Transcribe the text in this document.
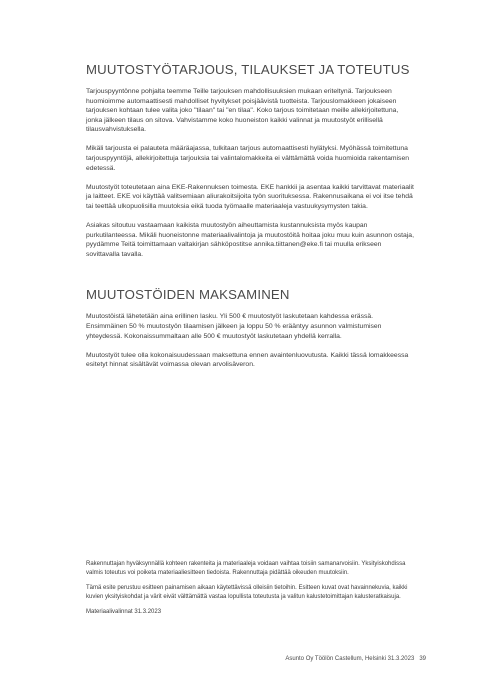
MUUTOSTYÖTARJOUS, TILAUKSET JA TOTEUTUS

Tarjouspyyntönne pohjalta teemme Teille tarjouksen mahdollisuuksien mukaan eriteltynä. Tarjoukseen huomioimme automaattisesti mahdolliset hyvitykset poisjäävistä tuotteista. Tarjouslomakkeen jokaiseen tarjouksen kohtaan tulee valita joko "tilaan" tai "en tilaa". Koko tarjous toimitetaan meille allekirjoitettuna, jonka jälkeen tilaus on sitova. Vahvistamme koko huoneiston kaikki valinnat ja muutostyöt erillisellä tilausvahvistuksella.

Mikäli tarjousta ei palauteta määräajassa, tulkitaan tarjous automaattisesti hylätyksi. Myöhässä toimitettuna tarjouspyyntöjä, allekirjoitettuja tarjouksia tai valintalomakkeita ei välttämättä voida huomioida rakentamisen edetessä.

Muutostyöt toteutetaan aina EKE-Rakennuksen toimesta. EKE hankkii ja asentaa kaikki tarvittavat materiaalit ja laitteet. EKE voi käyttää valitsemiaan aliurakoitsijoita työn suorituksessa. Rakennusaikana ei voi itse tehdä tai teettää ulkopuolisilla muutoksia eikä tuoda työmaalle materiaaleja vastuukysymysten takia.

Asiakas sitoutuu vastaamaan kaikista muutostyön aiheuttamista kustannuksista myös kaupan purkutilanteessa. Mikäli huoneistonne materiaalivalintoja ja muutostöitä hoitaa joku muu kuin asunnon ostaja, pyydämme Teitä toimittamaan valtakirjan sähköpostitse annika.tiittanen@eke.fi tai muulla erikseen sovittavalla tavalla.

MUUTOSTÖIDEN MAKSAMINEN

Muutostöistä lähetetään aina erillinen lasku. Yli 500 € muutostyöt laskutetaan kahdessa erässä. Ensimmäinen 50 % muutostyön tilaamisen jälkeen ja loppu 50 % erääntyy asunnon valmistumisen yhteydessä. Kokonaissummaltaan alle 500 € muutostyöt laskutetaan yhdellä kerralla.

Muutostyöt tulee olla kokonaisuudessaan maksettuna ennen avaintenluovutusta. Kaikki tässä lomakkeessa esitetyt hinnat sisältävät voimassa olevan arvolisäveron.

Rakennuttajan hyväksynnällä kohteen rakenteita ja materiaaleja voidaan vaihtaa toisiin samanarvoisiin. Yksityiskohdissa valmis toteutus voi poiketa materiaaliesitteen tiedoista. Rakennuttaja pidättää oikeuden muutoksiin.

Tämä esite perustuu esitteen painamisen aikaan käytettävissä olleisiin tietoihin. Esitteen kuvat ovat havainnekuvia, kaikki kuvien yksityiskohdat ja värit eivät välttämättä vastaa lopullista toteutusta ja valitun kalustetoimittajan kalusteratkaisuja.

Materiaalivalinnat 31.3.2023

Asunto Oy Töölön Castellum, Helsinki 31.3.2023 39
